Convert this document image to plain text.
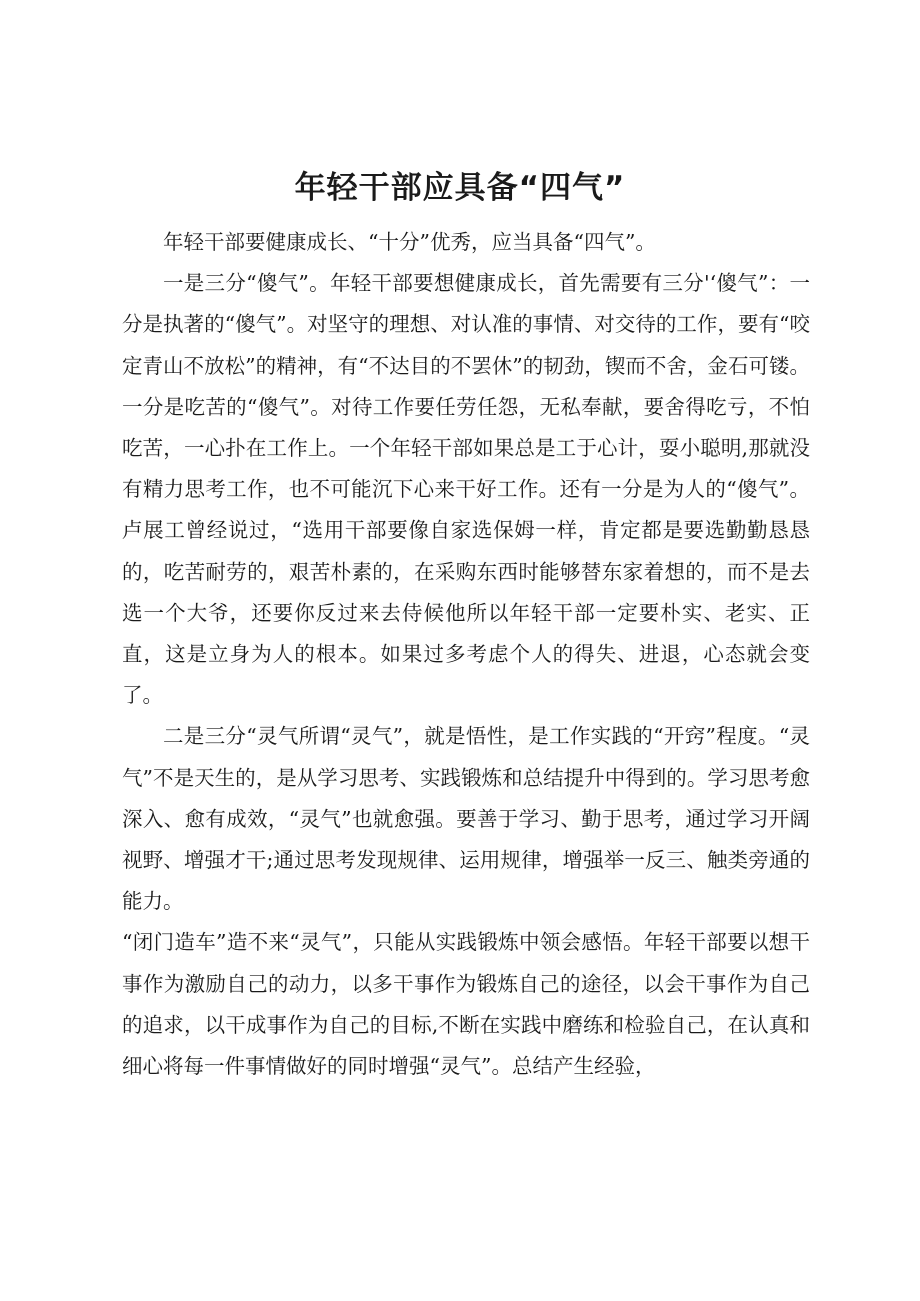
年轻干部应具备“四气”

年轻干部要健康成长、“十分”优秀，应当具备“四气”。

一是三分“傻气”。年轻干部要想健康成长，首先需要有三分'‘傻气”：一分是执著的“傻气”。对坚守的理想、对认准的事情、对交待的工作，要有“咬定青山不放松”的精神，有“不达目的不罢休”的韧劲，锲而不舍，金石可镂。一分是吃苦的“傻气”。对待工作要任劳任怨，无私奉献，要舍得吃亏，不怕吃苦，一心扑在工作上。一个年轻干部如果总是工于心计，耍小聪明,那就没有精力思考工作，也不可能沉下心来干好工作。还有一分是为人的“傻气”。卢展工曾经说过，“选用干部要像自家选保姆一样，肯定都是要选勤勤恳恳的，吃苦耐劳的，艰苦朴素的，在采购东西时能够替东家着想的，而不是去选一个大爷，还要你反过来去侍候他所以年轻干部一定要朴实、老实、正直，这是立身为人的根本。如果过多考虑个人的得失、进退，心态就会变了。

二是三分“灵气所谓“灵气”，就是悟性，是工作实践的“开窍”程度。“灵气”不是天生的，是从学习思考、实践锻炼和总结提升中得到的。学习思考愈深入、愈有成效，“灵气”也就愈强。要善于学习、勤于思考，通过学习开阔视野、增强才干;通过思考发现规律、运用规律，增强举一反三、触类旁通的能力。

“闭门造车”造不来“灵气”，只能从实践锻炼中领会感悟。年轻干部要以想干事作为激励自己的动力，以多干事作为锻炼自己的途径，以会干事作为自己的追求，以干成事作为自己的目标,不断在实践中磨练和检验自己，在认真和细心将每一件事情做好的同时增强“灵气”。总结产生经验，
